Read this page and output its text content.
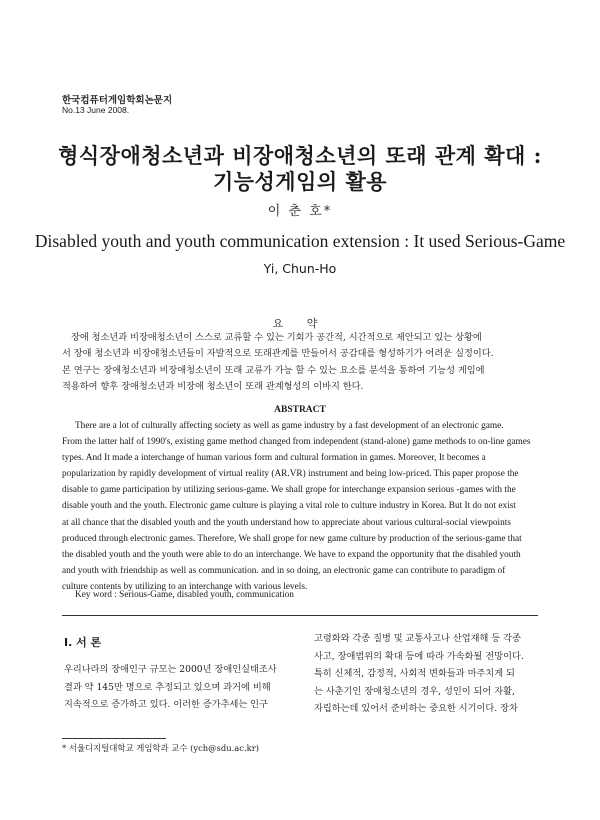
한국컴퓨터게임학회논문지
No.13 June 2008.
형식장애청소년과 비장애청소년의 또래 관계 확대 :
기능성게임의 활용
이 춘 호*
Disabled youth and youth communication extension : It used Serious-Game
Yi, Chun-Ho
요 약
장애 청소년과 비장애청소년이 스스로 교류할 수 있는 기회가 공간적, 시간적으로 제안되고 있는 상황에
서 장애 청소년과 비장애청소년들이 자발적으로 또래관계를 만들어서 공감대를 형성하기가 어려운 실정이다.
본 연구는 장애청소년과 비장애청소년이 또래 교류가 가능 할 수 있는 요소를 분석을 통하여 기능성 게임에
적용하여 향후 장애청소년과 비장애 청소년이 또래 관계형성의 이바지 한다.
ABSTRACT
There are a lot of culturally affecting society as well as game industry by a fast development of an electronic game.
From the latter half of 1990's, existing game method changed from independent (stand-alone) game methods to on-line games
types. And It made a interchange of human various form and cultural formation in games. Moreover, It becomes a
popularization by rapidly development of virtual reality (AR.VR) instrument and being low-priced. This paper propose the
disable to game participation by utilizing serious-game. We shall grope for interchange expansion serious -games with the
disable youth and the youth. Electronic game culture is playing a vital role to culture industry in Korea. But It do not exist
at all chance that the disabled youth and the youth understand how to appreciate about various cultural-social viewpoints
produced through electronic games. Therefore, We shall grope for new game culture by production of the serious-game that
the disabled youth and the youth were able to do an interchange. We have to expand the opportunity that the disabled youth
and youth with friendship as well as communication. and in so doing, an electronic game can contribute to paradigm of
culture contents by utilizing to an interchange with various levels.
Key word : Serious-Game, disabled youth, communication
Ⅰ. 서 론
우리나라의 장애인구 규모는 2000년 장애인실태조사
결과 약 145만 명으로 추정되고 있으며 과거에 비해
지속적으로 증가하고 있다. 이러한 증가추세는 인구
고령화와 각종 질병 및 교통사고나 산업재해 등 각종
사고, 장애범위의 확대 등에 따라 가속화될 전망이다.
특히 신체적, 감정적, 사회적 변화들과 마주치게 되
는 사춘기인 장애청소년의 경우, 성인이 되어 자활,
자립하는데 있어서 준비하는 중요한 시기이다. 장차
* 서울디지털대학교 게임학과 교수 (ych@sdu.ac.kr)
